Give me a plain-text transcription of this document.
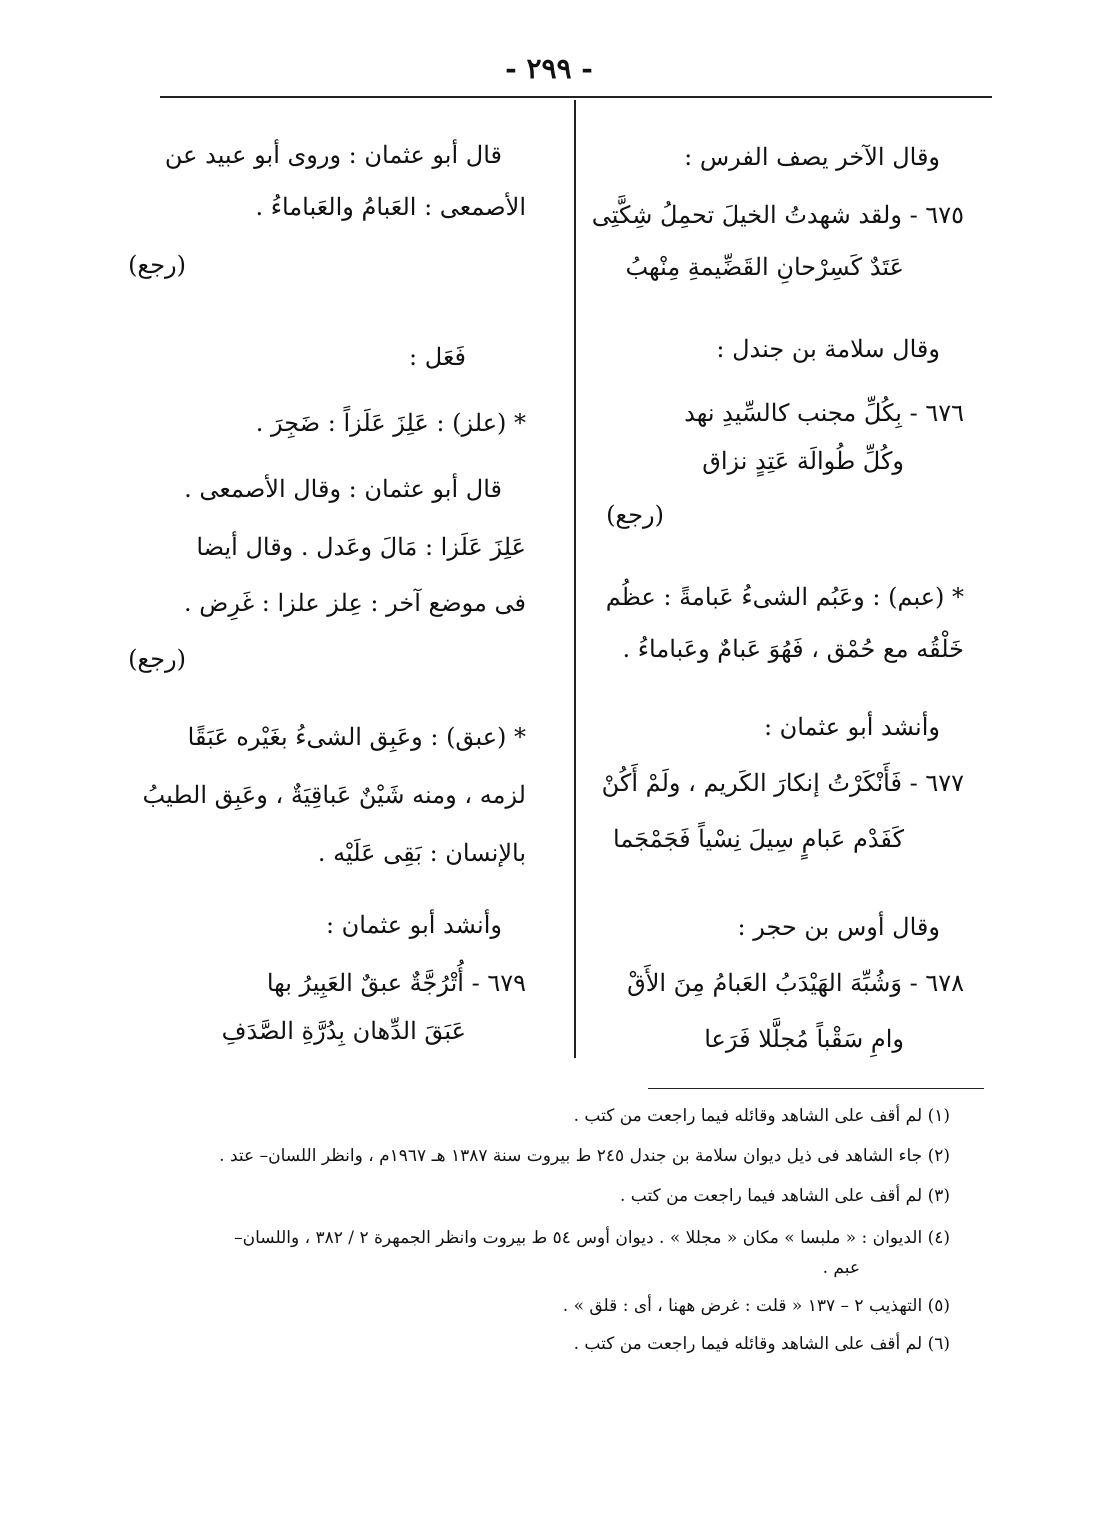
- ٢٩٩ -
وقال الآخر يصف الفرس :
٦٧٥ - ولقد شهدتُ الخيلَ تحمِلُ شِكَّتِى
عَتَدٌ كَسِرْحانِ القَضِّيمةِ مِنْهبُ
وقال سلامة بن جندل :
٦٧٦ - بِكُلِّ مجنب كالسِّيدِ نهد
وكُلِّ طُوالَة عَتِدٍ نزاق
(رجع)
* (عبم) : وعَبُم الشىءُ عَبامةً : عظُم
خَلْقُه مع حُمْق ، فَهُوَ عَبامٌ وعَباماءُ .
وأنشد أبو عثمان :
٦٧٧ - فَأَنْكَرْتُ إنكارَ الكَريم ، ولَمْ أَكُنْ
كَفَدْم عَبامٍ سِيلَ نِسْياً فَجَمْجَما
وقال أوس بن حجر :
٦٧٨ - وَشُبِّهَ الهَيْدَبُ العَبامُ مِنَ الأَقْ
وامِ سَقْباً مُجلَّلا فَرَعا
قال أبو عثمان : وروى أبو عبيد عن
الأصمعى : العَبامُ والعَباماءُ .
(رجع)
فَعَل :
* (علز) : عَلِزَ عَلَزاً : ضَجِرَ .
قال أبو عثمان : وقال الأصمعى .
عَلِزَ عَلَزا : مَالَ وعَدل . وقال أيضا
فى موضع آخر : عِلز علزا : غَرِض .
(رجع)
* (عبق) : وعَبِق الشىءُ بغَيْره عَبَقًا
لزمه ، ومنه شَيْنٌ عَباقِيَةٌ ، وعَبِق الطيبُ
بالإنسان : بَقِى عَلَيْه .
وأنشد أبو عثمان :
٦٧٩ - أُتْرُجَّةٌ عبقٌ العَبِيرُ بها
عَبَقَ الدِّهان بِدُرَّةِ الصَّدَفِ
(١) لم أقف على الشاهد وقائله فيما راجعت من كتب .
(٢) جاء الشاهد فى ذيل ديوان سلامة بن جندل ٢٤٥ ط بيروت سنة ١٣٨٧ هـ ١٩٦٧م ، وانظر اللسان– عتد .
(٣) لم أقف على الشاهد فيما راجعت من كتب .
(٤) الديوان : « ملبسا » مكان « مجللا » . ديوان أوس ٥٤ ط بيروت وانظر الجمهرة ٢ / ٣٨٢ ، واللسان–
عبم .
(٥) التهذيب ٢ – ١٣٧ « قلت : غرض ههنا ، أى : قلق » .
(٦) لم أقف على الشاهد وقائله فيما راجعت من كتب .
